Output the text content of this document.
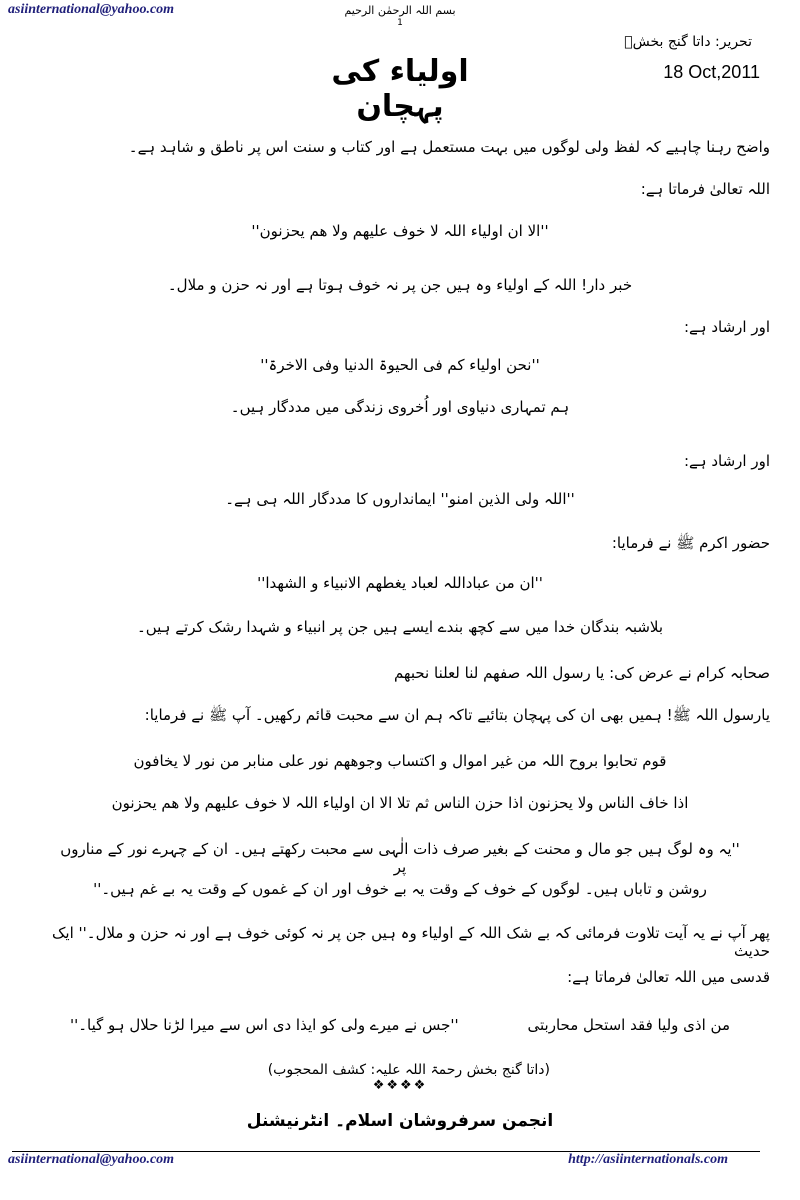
asiinternational@yahoo.com	بسم اللہ الرحمٰن الرحیم
1
تحریر: داتا گنج بخشؒ
18 Oct,2011
اولیاء کی پہچان
واضح رہنا چاہیے کہ لفظ ولی لوگوں میں بہت مستعمل ہے اور کتاب و سنت اس پر ناطق و شاہد ہے۔
اللہ تعالیٰ فرماتا ہے:
''الا ان اولیاء اللہ لا خوف علیھم ولا ھم یحزنون''
خبر دار! اللہ کے اولیاء وہ ہیں جن پر نہ خوف ہوتا ہے اور نہ حزن و ملال۔
اور ارشاد ہے:
''نحن اولیاء کم فی الحیوۃ الدنیا وفی الاخرۃ''
ہم تمہاری دنیاوی اور اُخروی زندگی میں مددگار ہیں۔
اور ارشاد ہے:
''اللہ ولی الذین امنو'' ایمانداروں کا مددگار اللہ ہی ہے۔
حضور اکرم ﷺ نے فرمایا:
''ان من عباداللہ لعباد یغطھم الانبیاء و الشھدا''
بلاشبہ بندگان خدا میں سے کچھ بندے ایسے ہیں جن پر انبیاء و شہدا رشک کرتے ہیں۔
صحابہ کرام نے عرض کی: یا رسول اللہ صفھم لنا لعلنا نحبھم
یارسول اللہ ﷺ! ہمیں بھی ان کی پہچان بتائیے تاکہ ہم ان سے محبت قائم رکھیں۔ آپ ﷺ نے فرمایا:
قوم تحابوا بروح اللہ من غیر اموال و اکتساب وجوھھم نور علی منابر من نور لا یخافون
اذا خاف الناس ولا یحزنون اذا حزن الناس ثم تلا الا ان اولیاء اللہ لا خوف علیھم ولا ھم یحزنون
''یہ وہ لوگ ہیں جو مال و محنت کے بغیر صرف ذات الٰہی سے محبت رکھتے ہیں۔ ان کے چہرے نور کے مناروں پر
روشن و تاباں ہیں۔ لوگوں کے خوف کے وقت یہ بے خوف اور ان کے غموں کے وقت یہ بے غم ہیں۔''
پھر آپ نے یہ آیت تلاوت فرمائی کہ بے شک اللہ کے اولیاء وہ ہیں جن پر نہ کوئی خوف ہے اور نہ حزن و ملال۔'' ایک حدیث
قدسی میں اللہ تعالیٰ فرماتا ہے:
من اذی ولیا فقد استحل محاربتی
''جس نے میرے ولی کو ایذا دی اس سے میرا لڑنا حلال ہو گیا۔''
(داتا گنج بخش رحمۃ اللہ علیہ: کشف المحجوب)
❖❖❖❖
انجمن سرفروشان اسلام۔ انٹرنیشنل
asiinternational@yahoo.com	http://asiinternationals.com
